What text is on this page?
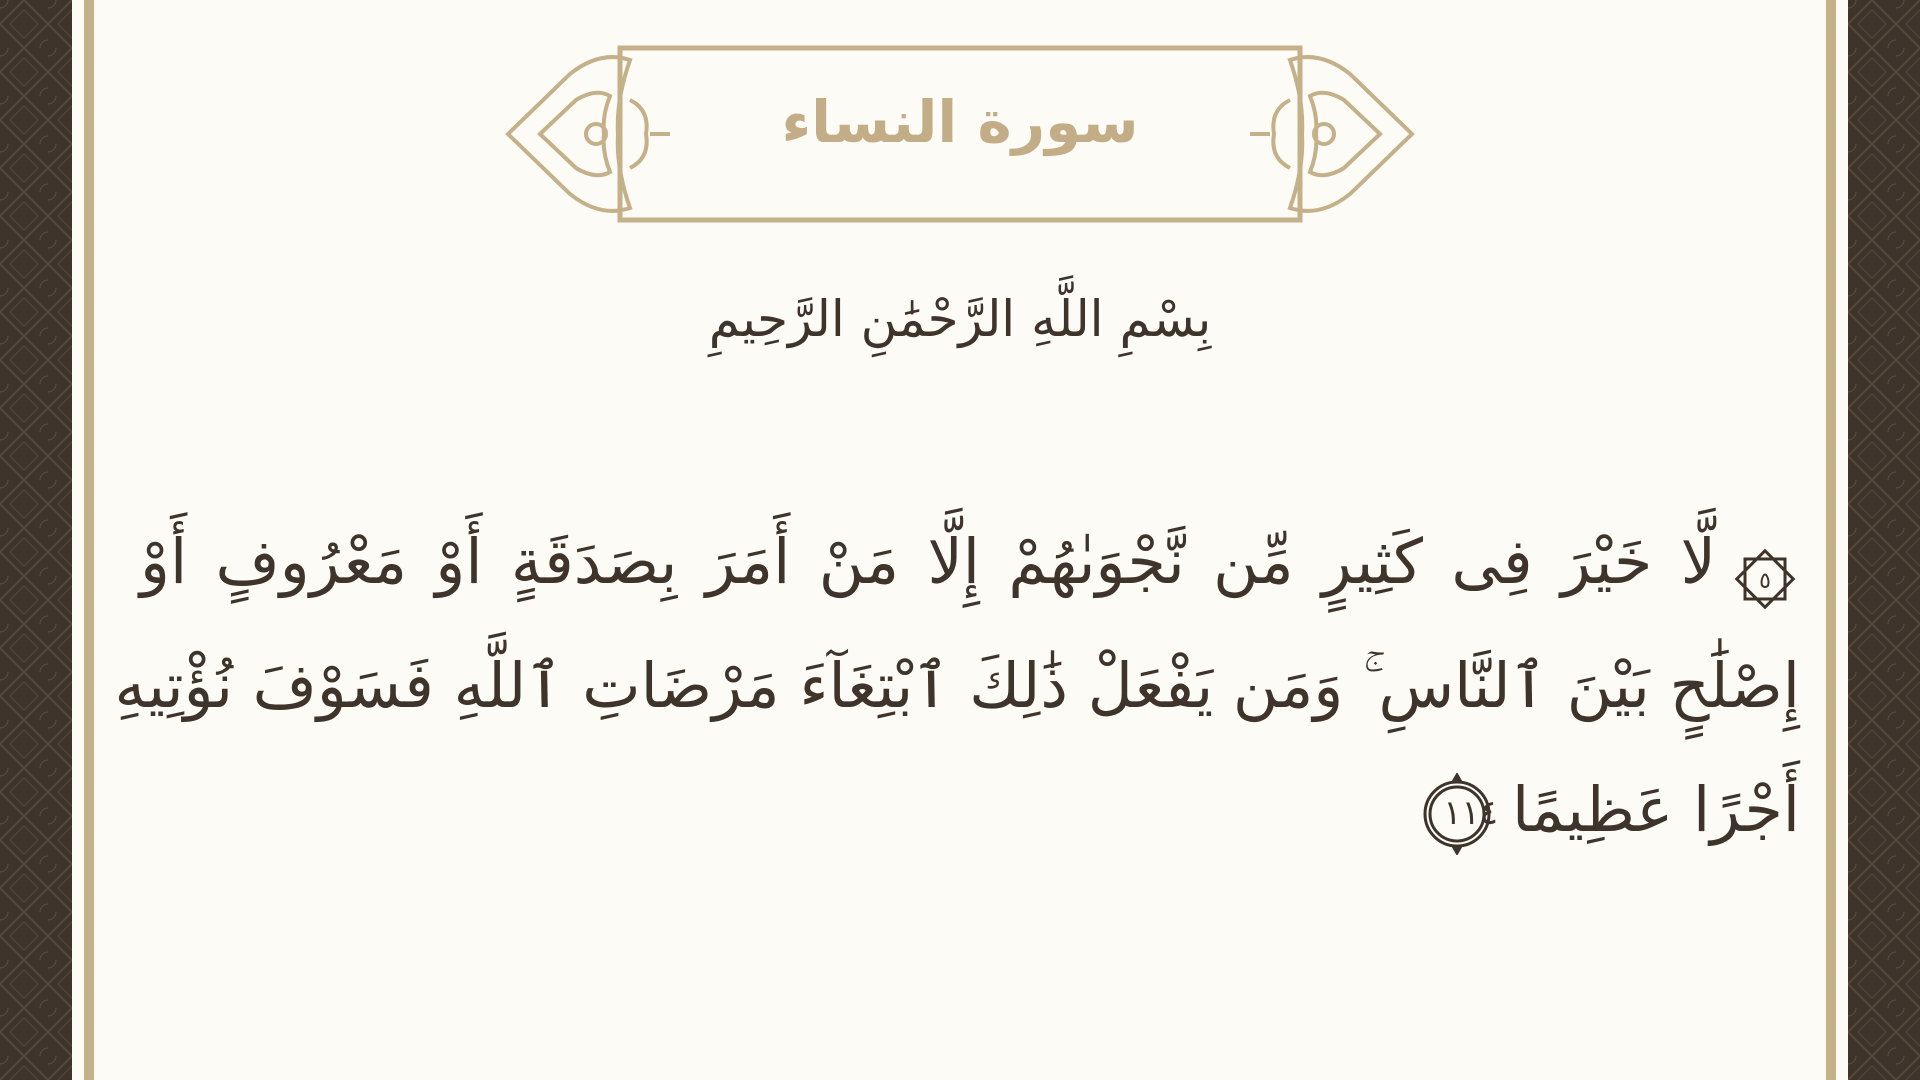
سورة النساء
بِسْمِ اللَّهِ الرَّحْمَٰنِ الرَّحِيمِ
٥
لَّا خَيْرَ فِى كَثِيرٍ مِّن نَّجْوَىٰهُمْ إِلَّا مَنْ أَمَرَ بِصَدَقَةٍ أَوْ مَعْرُوفٍ أَوْ
إِصْلَٰحٍ بَيْنَ ٱلنَّاسِ ۚ وَمَن يَفْعَلْ ذَٰلِكَ ٱبْتِغَآءَ مَرْضَاتِ ٱللَّهِ فَسَوْفَ نُؤْتِيهِ
أَجْرًا عَظِيمًا
١١٤
